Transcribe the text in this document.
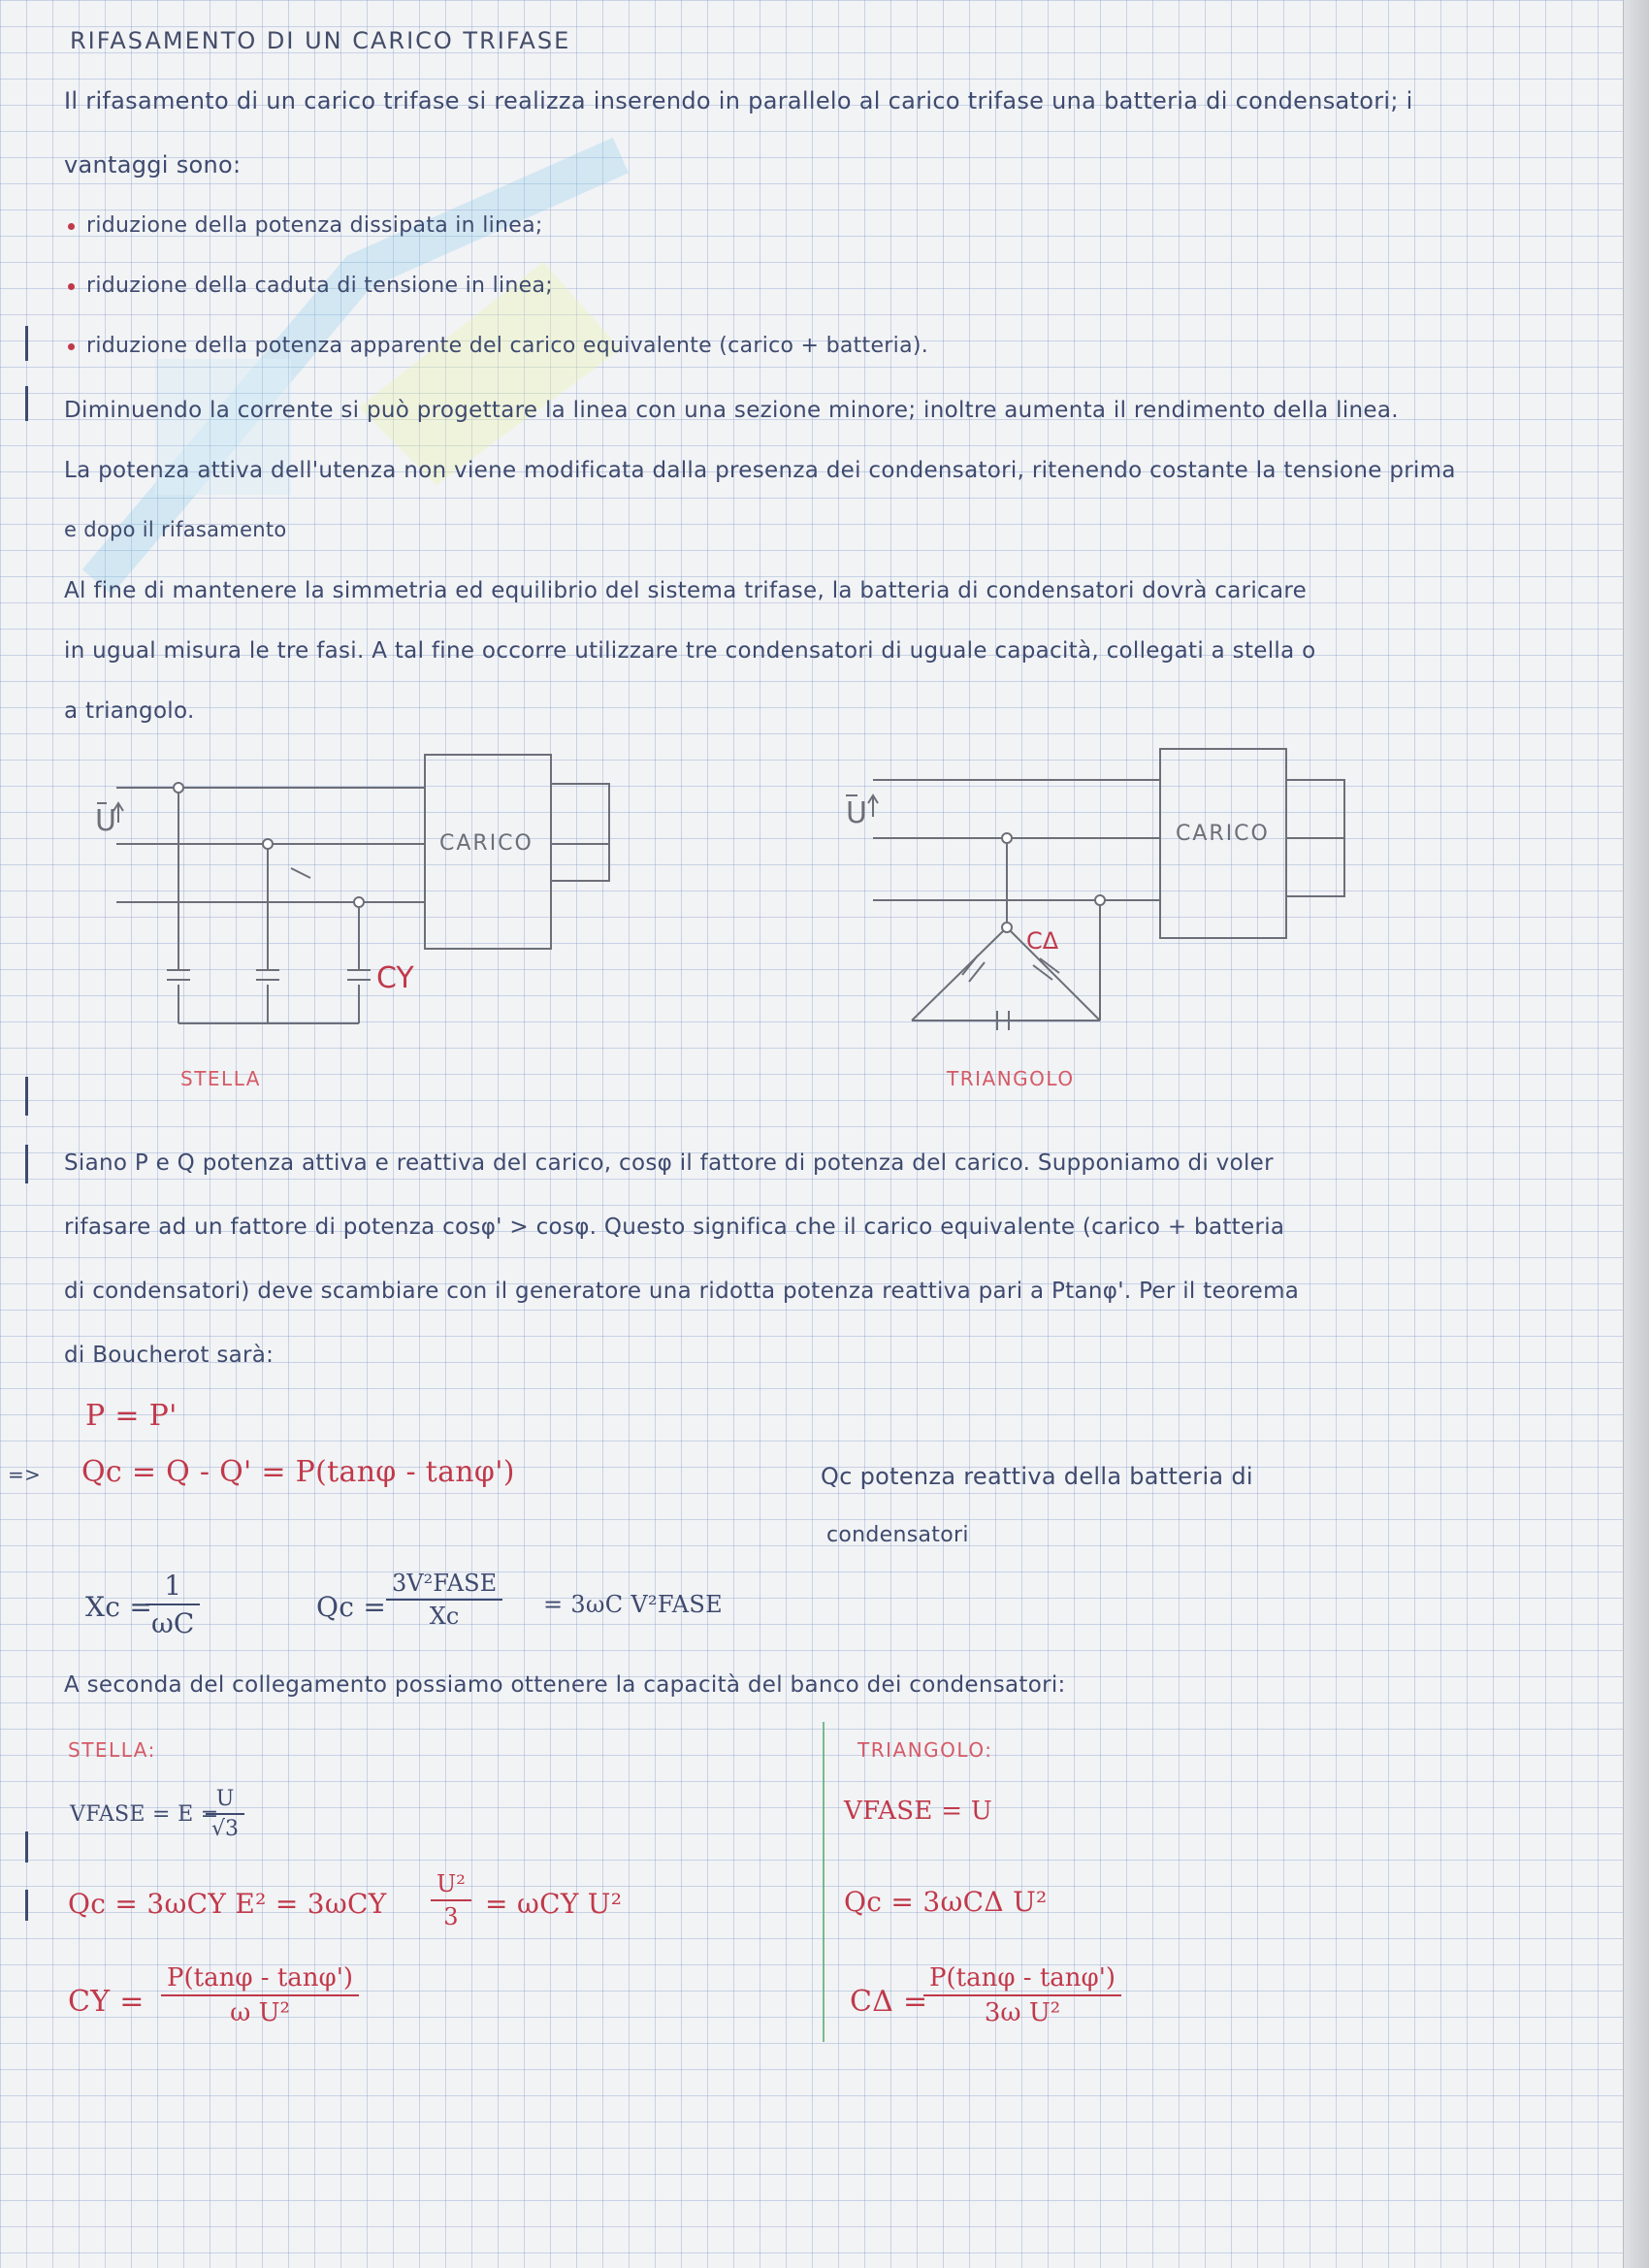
RIFASAMENTO DI UN CARICO TRIFASE
Il rifasamento di un carico trifase si realizza inserendo in parallelo al carico trifase una batteria di condensatori; i
vantaggi sono:
riduzione della potenza dissipata in linea;
riduzione della caduta di tensione in linea;
riduzione della potenza apparente del carico equivalente (carico + batteria).
Diminuendo la corrente si può progettare la linea con una sezione minore; inoltre aumenta il rendimento della linea.
La potenza attiva dell'utenza non viene modificata dalla presenza dei condensatori, ritenendo costante la tensione prima
e dopo il rifasamento
Al fine di mantenere la simmetria ed equilibrio del sistema trifase, la batteria di condensatori dovrà caricare
in ugual misura le tre fasi. A tal fine occorre utilizzare tre condensatori di uguale capacità, collegati a stella o
a triangolo.
U
CARICO
CY
STELLA
U
CARICO
CΔ
TRIANGOLO
Siano P e Q potenza attiva e reattiva del carico, cosφ il fattore di potenza del carico. Supponiamo di voler
rifasare ad un fattore di potenza cosφ' > cosφ. Questo significa che il carico equivalente (carico + batteria
di condensatori) deve scambiare con il generatore una ridotta potenza reattiva pari a Ptanφ'. Per il teorema
di Boucherot sarà:
P = P'
=> Qc = Q - Q' = P(tanφ - tanφ')	Qc potenza reattiva della batteria di
condensatori
Xc =
$\frac{1}{\omega C}$	Qc =
3V²FASE
Xc	= 3ωC V²FASE
A seconda del collegamento possiamo ottenere la capacità del banco dei condensatori:
STELLA:
VFASE = E =
$\frac{U}{√3}$
Qc = 3ωCY $E^2 = 3\omega CY \frac{\text{U²}}{3} = \omega CY$ U²
CY = $\frac{P(\tan\varphi - \tan\varphi')}{\text{ω U²}}$
TRIANGOLO:
VFASE = U
Qc = 3ωCΔ U²
CΔ =
$\frac{P(\tan\varphi - \tan\varphi')}{\text{3ω U²}}$
